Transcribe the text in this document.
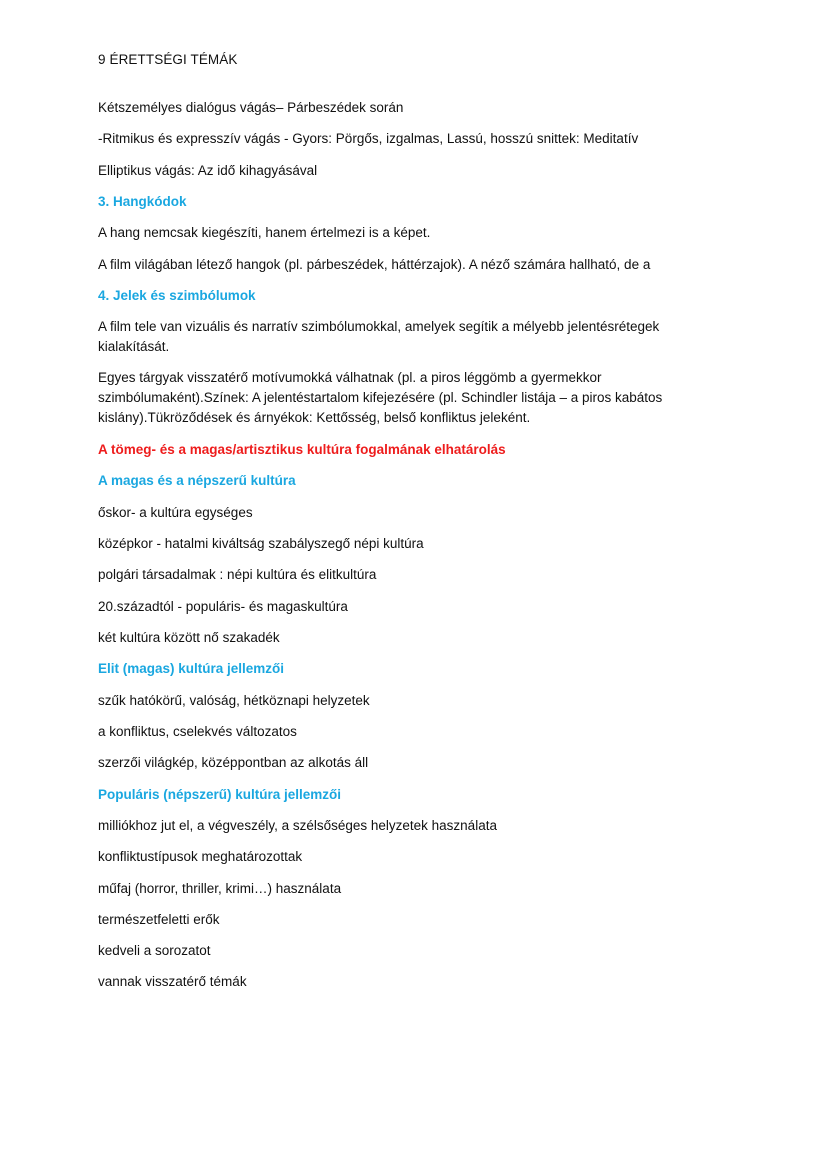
9 ÉRETTSÉGI TÉMÁK
Kétszemélyes dialógus vágás– Párbeszédek során
-Ritmikus és expresszív vágás - Gyors: Pörgős, izgalmas, Lassú, hosszú snittek: Meditatív
Elliptikus vágás: Az idő kihagyásával
3. Hangkódok
A hang nemcsak kiegészíti, hanem értelmezi is a képet.
A film világában létező hangok (pl. párbeszédek, háttérzajok). A néző számára hallható, de a
4. Jelek és szimbólumok
A film tele van vizuális és narratív szimbólumokkal, amelyek segítik a mélyebb jelentésrétegek
kialakítását.
Egyes tárgyak visszatérő motívumokká válhatnak (pl. a piros léggömb a gyermekkor
szimbólumaként).Színek: A jelentéstartalom kifejezésére (pl. Schindler listája – a piros kabátos
kislány).Tükröződések és árnyékok: Kettősség, belső konfliktus jeleként.
A tömeg- és a magas/artisztikus kultúra fogalmának elhatárolás
A magas és a népszerű kultúra
őskor- a kultúra egységes
középkor - hatalmi kiváltság szabályszegő népi kultúra
polgári társadalmak : népi kultúra és elitkultúra
20.századtól - populáris- és magaskultúra
két kultúra között nő szakadék
Elit (magas) kultúra jellemzői
szűk hatókörű, valóság, hétköznapi helyzetek
a konfliktus, cselekvés változatos
szerzői világkép, középpontban az alkotás áll
Populáris (népszerű) kultúra jellemzői
milliókhoz jut el, a végveszély, a szélsőséges helyzetek használata
konfliktustípusok meghatározottak
műfaj (horror, thriller, krimi…) használata
természetfeletti erők
kedveli a sorozatot
vannak visszatérő témák
